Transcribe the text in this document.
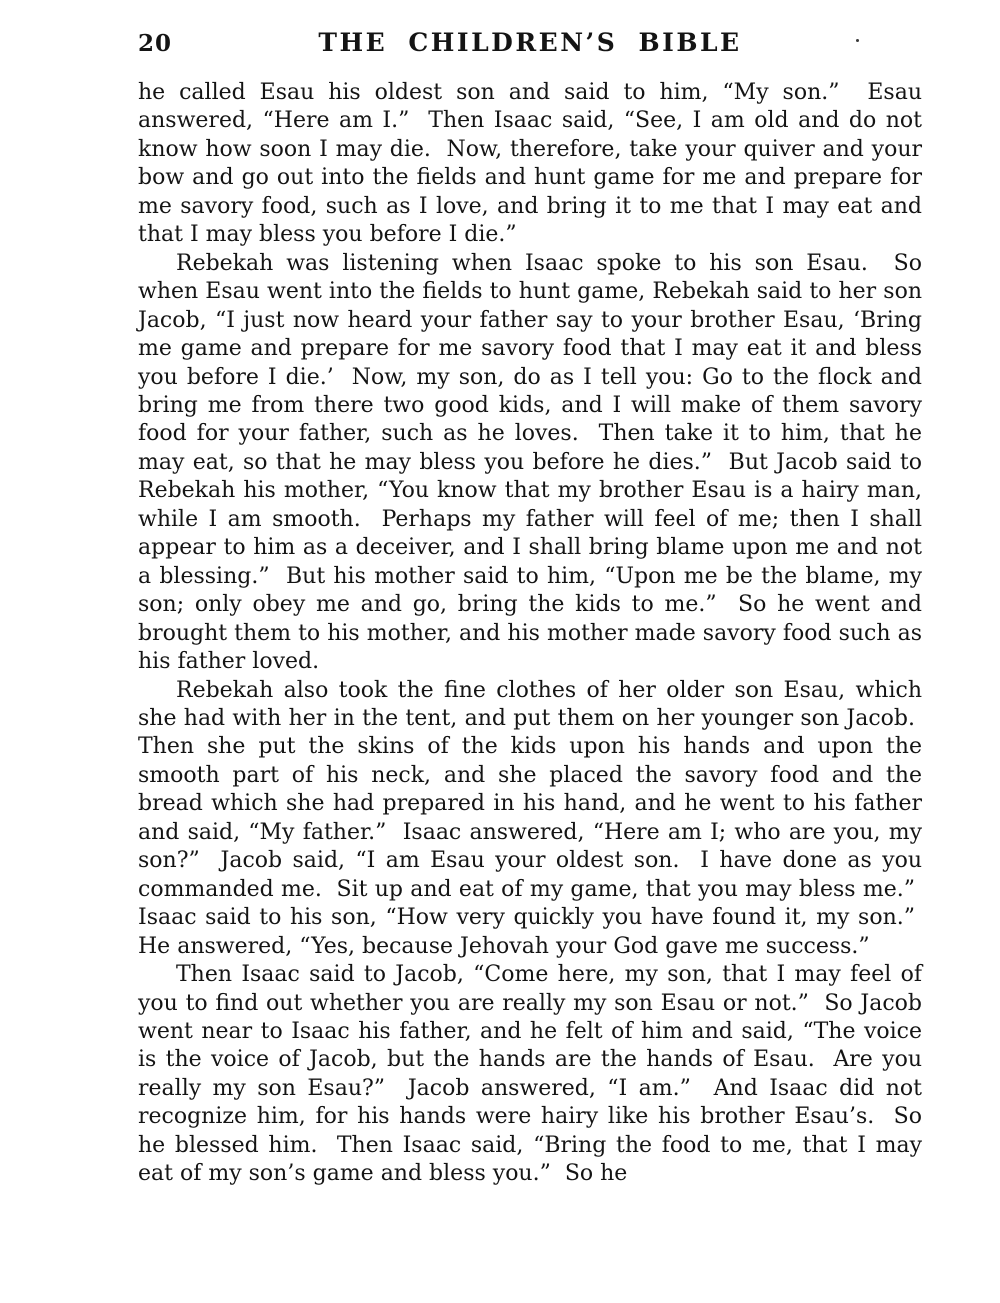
20	THE CHILDREN’S BIBLE

he called Esau his oldest son and said to him, “My son.”  Esau answered, “Here am I.”  Then Isaac said, “See, I am old and do not know how soon I may die.  Now, therefore, take your quiver and your bow and go out into the fields and hunt game for me and prepare for me savory food, such as I love, and bring it to me that I may eat and that I may bless you before I die.”

Rebekah was listening when Isaac spoke to his son Esau.  So when Esau went into the fields to hunt game, Rebekah said to her son Jacob, “I just now heard your father say to your brother Esau, ‘Bring me game and prepare for me savory food that I may eat it and bless you before I die.’  Now, my son, do as I tell you: Go to the flock and bring me from there two good kids, and I will make of them savory food for your father, such as he loves.  Then take it to him, that he may eat, so that he may bless you before he dies.”  But Jacob said to Rebekah his mother, “You know that my brother Esau is a hairy man, while I am smooth.  Perhaps my father will feel of me; then I shall appear to him as a deceiver, and I shall bring blame upon me and not a blessing.”  But his mother said to him, “Upon me be the blame, my son; only obey me and go, bring the kids to me.”  So he went and brought them to his mother, and his mother made savory food such as his father loved.

Rebekah also took the fine clothes of her older son Esau, which she had with her in the tent, and put them on her younger son Jacob.  Then she put the skins of the kids upon his hands and upon the smooth part of his neck, and she placed the savory food and the bread which she had prepared in his hand, and he went to his father and said, “My father.”  Isaac answered, “Here am I; who are you, my son?”  Jacob said, “I am Esau your oldest son.  I have done as you commanded me.  Sit up and eat of my game, that you may bless me.”  Isaac said to his son, “How very quickly you have found it, my son.”  He answered, “Yes, because Jehovah your God gave me success.”

Then Isaac said to Jacob, “Come here, my son, that I may feel of you to find out whether you are really my son Esau or not.”  So Jacob went near to Isaac his father, and he felt of him and said, “The voice is the voice of Jacob, but the hands are the hands of Esau.  Are you really my son Esau?”  Jacob answered, “I am.”  And Isaac did not recognize him, for his hands were hairy like his brother Esau’s.  So he blessed him.  Then Isaac said, “Bring the food to me, that I may eat of my son’s game and bless you.”  So he
